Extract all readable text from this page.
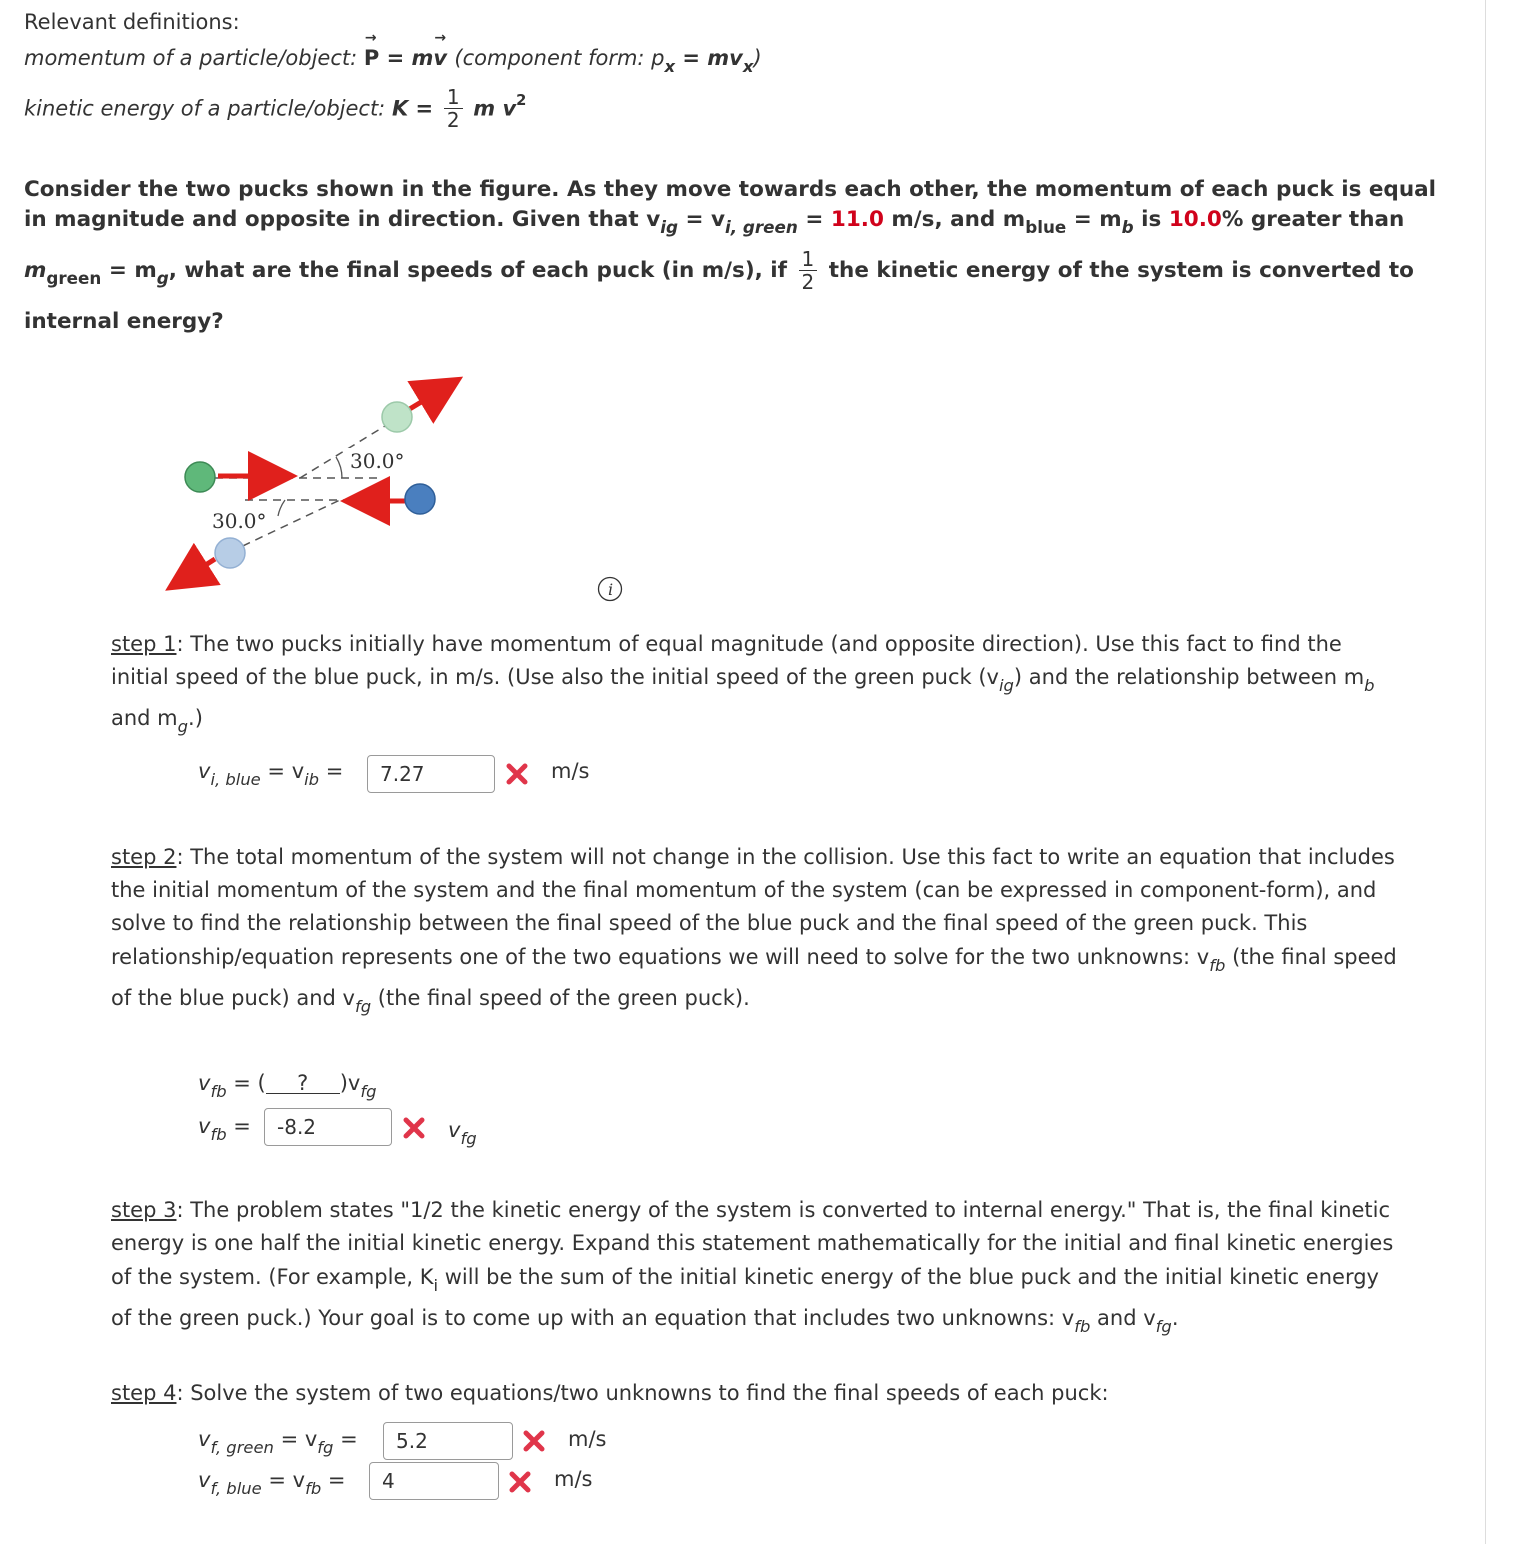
Relevant definitions:
momentum of a particle/object: P
→
= mv
→
(component form: $p_x = mv_x$)
kinetic energy of a particle/object: $K = \frac{1}{2}$ m $v^2$
Consider the two pucks shown in the figure. As they move towards each other, the momentum of each puck is equal
in magnitude and opposite in direction. Given that $v_{ig} = v_{i, green} = 11.0$ m/s, and $m_{blue} = m_b$ is 10.0% greater than
$m_{green} = m_g$, what are the final speeds of each puck (in m/s), if $\frac{1}{2}$ the kinetic energy of the system is converted to
internal energy?
30.0°
30.0°
i
step 1: The two pucks initially have momentum of equal magnitude (and opposite direction). Use this fact to find the
initial speed of the blue puck, in m/s. (Use also the initial speed of the green puck $(v_{ig})$ and the relationship between $m_b$
and $m_g$.)
$v_{i, blue} = v_{ib}$ =	7.27	m/s
step 2: The total momentum of the system will not change in the collision. Use this fact to write an equation that includes
the initial momentum of the system and the final momentum of the system (can be expressed in component-form), and
solve to find the relationship between the final speed of the blue puck and the final speed of the green puck. This
relationship/equation represents one of the two equations we will need to solve for the two unknowns: $v_{fb}$ (the final speed
of the blue puck) and $v_{fg}$ (the final speed of the green puck).
$v_{fb}$ = ( ? )$v_{fg}$
$v_{fb}$ =	-8.2	$v_{fg}$
step 3: The problem states "1/2 the kinetic energy of the system is converted to internal energy." That is, the final kinetic
energy is one half the initial kinetic energy. Expand this statement mathematically for the initial and final kinetic energies
of the system. (For example, $K_i$ will be the sum of the initial kinetic energy of the blue puck and the initial kinetic energy
of the green puck.) Your goal is to come up with an equation that includes two unknowns: $v_{fb}$ and $v_{fg}$.
step 4: Solve the system of two equations/two unknowns to find the final speeds of each puck:
$v_{f, green} = v_{fg}$ =	5.2	m/s
$v_{f, blue} = v_{fb}$ =	4	m/s
